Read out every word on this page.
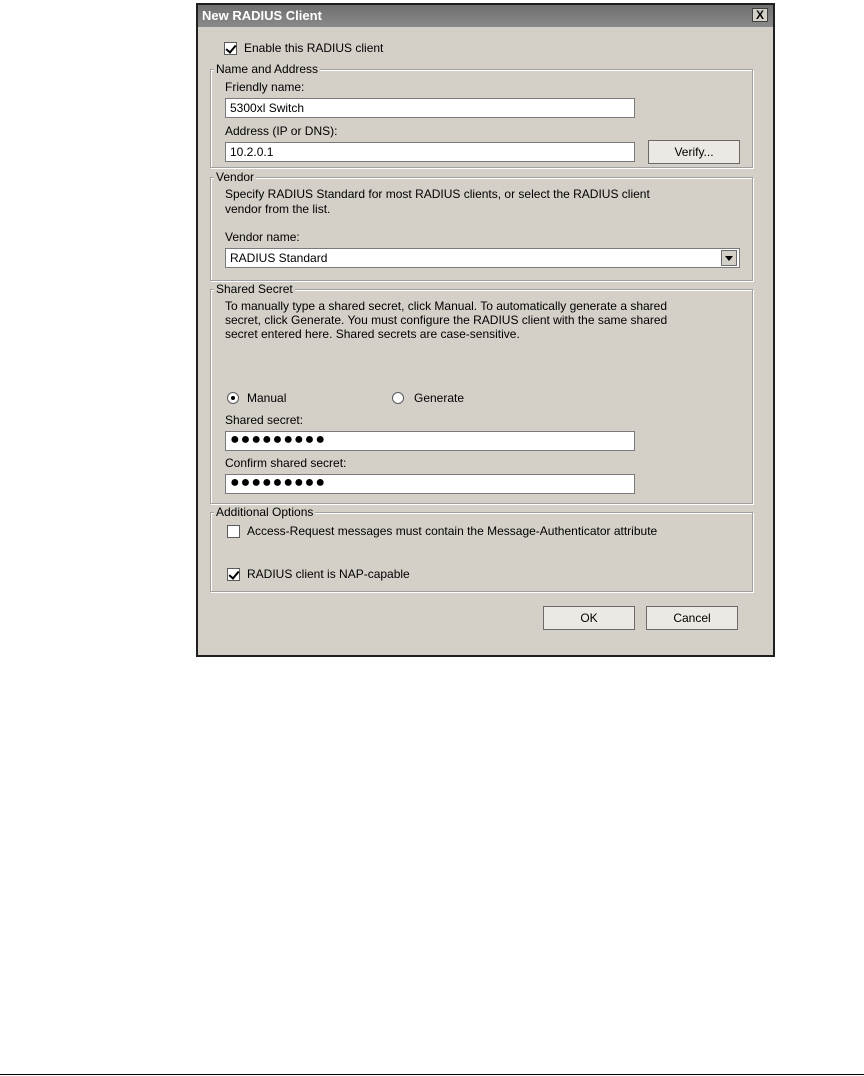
New RADIUS Client	X
Enable this RADIUS client
Name and Address
Friendly name:
5300xl Switch
Address (IP or DNS):
10.2.0.1	Verify...
Vendor
Specify RADIUS Standard for most RADIUS clients, or select the RADIUS client
vendor from the list.
Vendor name:
RADIUS Standard
Shared Secret
To manually type a shared secret, click Manual. To automatically generate a shared
secret, click Generate. You must configure the RADIUS client with the same shared
secret entered here. Shared secrets are case-sensitive.
Manual	Generate
Shared secret:
●●●●●●●●●
Confirm shared secret:
●●●●●●●●●
Additional Options
Access-Request messages must contain the Message-Authenticator attribute
RADIUS client is NAP-capable
OK	Cancel
